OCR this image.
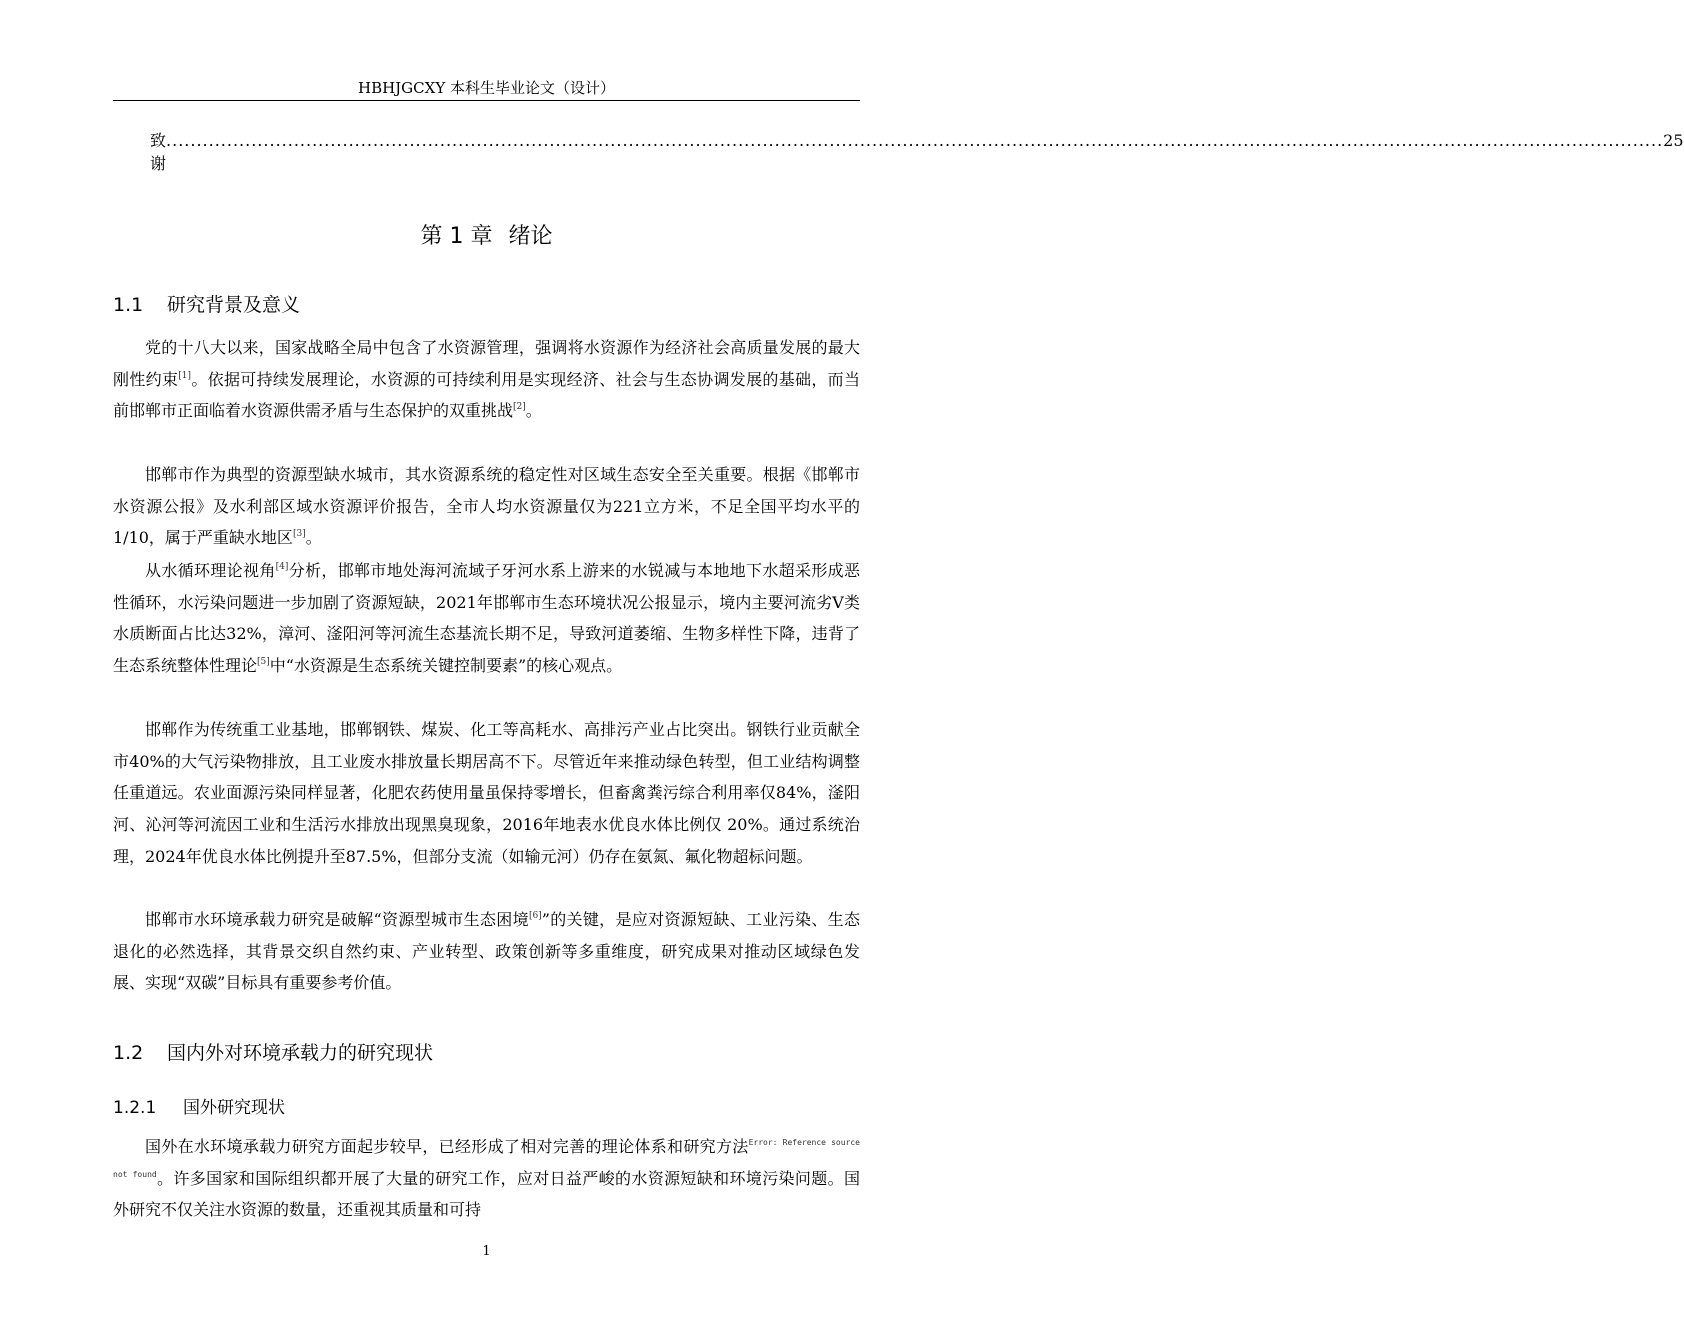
HBHJGCXY 本科生毕业论文（设计）
致谢
...................................................................................................................................................................................................................................................... 25
第 1 章 绪论
1.1 研究背景及意义

党的十八大以来，国家战略全局中包含了水资源管理，强调将水资源作为经济社会高质量发展的最大刚性约束[1]。依据可持续发展理论，水资源的可持续利用是实现经济、社会与生态协调发展的基础，而当前邯郸市正面临着水资源供需矛盾与生态保护的双重挑战[2]。

邯郸市作为典型的资源型缺水城市，其水资源系统的稳定性对区域生态安全至关重要。根据《邯郸市水资源公报》及水利部区域水资源评价报告，全市人均水资源量仅为221立方米，不足全国平均水平的1/10，属于严重缺水地区[3]。

从水循环理论视角[4]分析，邯郸市地处海河流域子牙河水系上游来的水锐减与本地地下水超采形成恶性循环，水污染问题进一步加剧了资源短缺，2021年邯郸市生态环境状况公报显示，境内主要河流劣Ⅴ类水质断面占比达32%，漳河、滏阳河等河流生态基流长期不足，导致河道萎缩、生物多样性下降，违背了生态系统整体性理论[5]中“水资源是生态系统关键控制要素”的核心观点。

邯郸作为传统重工业基地，邯郸钢铁、煤炭、化工等高耗水、高排污产业占比突出。钢铁行业贡献全市40%的大气污染物排放，且工业废水排放量长期居高不下。尽管近年来推动绿色转型，但工业结构调整任重道远。农业面源污染同样显著，化肥农药使用量虽保持零增长，但畜禽粪污综合利用率仅84%，滏阳河、沁河等河流因工业和生活污水排放出现黑臭现象，2016年地表水优良水体比例仅 20%。通过系统治理，2024年优良水体比例提升至87.5%，但部分支流（如输元河）仍存在氨氮、氟化物超标问题。

邯郸市水环境承载力研究是破解“资源型城市生态困境[6]”的关键，是应对资源短缺、工业污染、生态退化的必然选择，其背景交织自然约束、产业转型、政策创新等多重维度，研究成果对推动区域绿色发展、实现“双碳”目标具有重要参考价值。

1.2 国内外对环境承载力的研究现状
1.2.1 国外研究现状

国外在水环境承载力研究方面起步较早，已经形成了相对完善的理论体系和研究方法$^{Error: Reference source not found}$。许多国家和国际组织都开展了大量的研究工作，应对日益严峻的水资源短缺和环境污染问题。国外研究不仅关注水资源的数量，还重视其质量和可持

1
